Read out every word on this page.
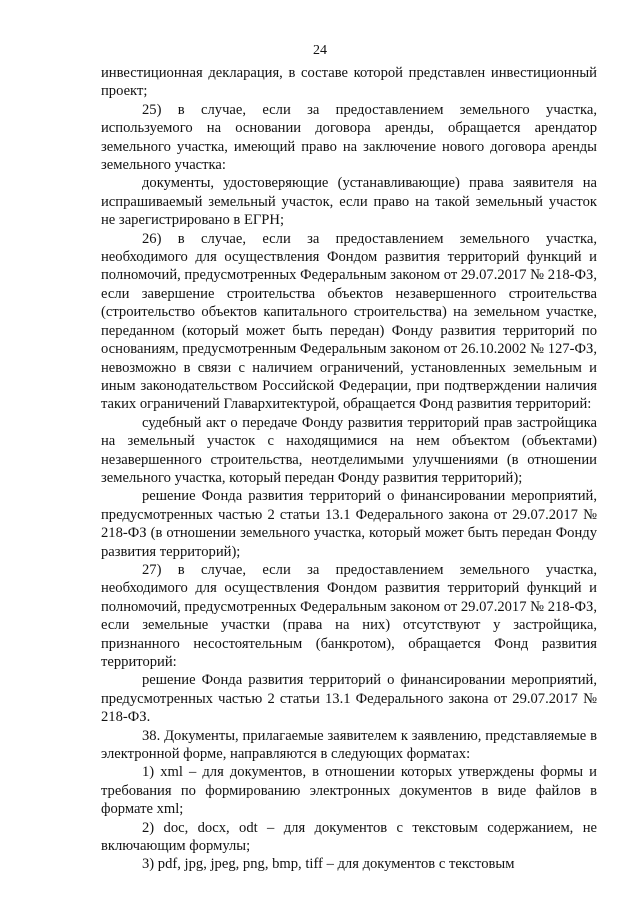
24

инвестиционная декларация, в составе которой представлен инвестиционный проект;

25) в случае, если за предоставлением земельного участка, используемого на основании договора аренды, обращается арендатор земельного участка, имеющий право на заключение нового договора аренды земельного участка:

документы, удостоверяющие (устанавливающие) права заявителя на испрашиваемый земельный участок, если право на такой земельный участок не зарегистрировано в ЕГРН;

26) в случае, если за предоставлением земельного участка, необходимого для осуществления Фондом развития территорий функций и полномочий, предусмотренных Федеральным законом от 29.07.2017 № 218-ФЗ, если завершение строительства объектов незавершенного строительства (строительство объектов капитального строительства) на земельном участке, переданном (который может быть передан) Фонду развития территорий по основаниям, предусмотренным Федеральным законом от 26.10.2002 № 127-ФЗ, невозможно в связи с наличием ограничений, установленных земельным и иным законодательством Российской Федерации, при подтверждении наличия таких ограничений Главархитектурой, обращается Фонд развития территорий:

судебный акт о передаче Фонду развития территорий прав застройщика на земельный участок с находящимися на нем объектом (объектами) незавершенного строительства, неотделимыми улучшениями (в отношении земельного участка, который передан Фонду развития территорий);

решение Фонда развития территорий о финансировании мероприятий, предусмотренных частью 2 статьи 13.1 Федерального закона от 29.07.2017 № 218-ФЗ (в отношении земельного участка, который может быть передан Фонду развития территорий);

27) в случае, если за предоставлением земельного участка, необходимого для осуществления Фондом развития территорий функций и полномочий, предусмотренных Федеральным законом от 29.07.2017 № 218-ФЗ, если земельные участки (права на них) отсутствуют у застройщика, признанного несостоятельным (банкротом), обращается Фонд развития территорий:

решение Фонда развития территорий о финансировании мероприятий, предусмотренных частью 2 статьи 13.1 Федерального закона от 29.07.2017 № 218-ФЗ.

38. Документы, прилагаемые заявителем к заявлению, представляемые в электронной форме, направляются в следующих форматах:

1) xml – для документов, в отношении которых утверждены формы и требования по формированию электронных документов в виде файлов в формате xml;

2) doc, docx, odt – для документов с текстовым содержанием, не включающим формулы;

3) pdf, jpg, jpeg, png, bmp, tiff – для документов с текстовым
